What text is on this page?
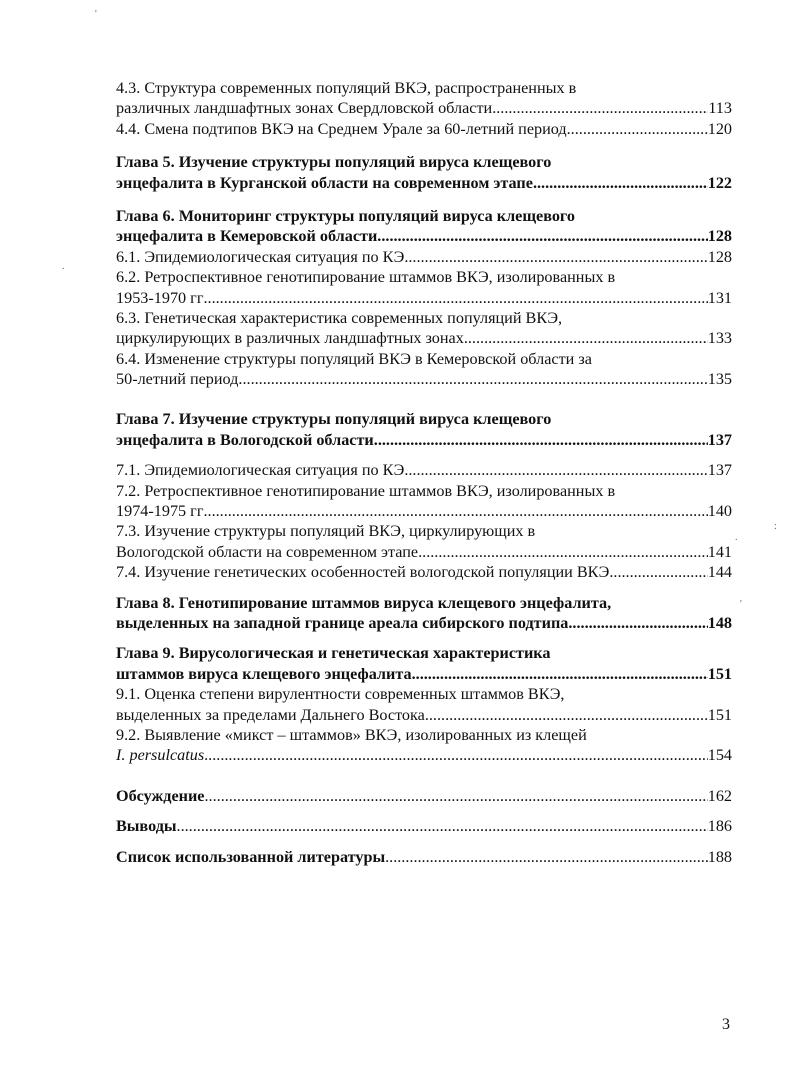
4.3. Структура современных популяций ВКЭ, распространенных в
различных ландшафтных зонах Свердловской области .....	113
4.4. Смена подтипов ВКЭ на Среднем Урале за 60-летний период .....	120
Глава 5. Изучение структуры популяций вируса клещевого
энцефалита в Курганской области на современном этапе .....	122
Глава 6. Мониторинг структуры популяций вируса клещевого
энцефалита в Кемеровской области .....	128
6.1. Эпидемиологическая ситуация по КЭ .....	128
6.2. Ретроспективное генотипирование штаммов ВКЭ, изолированных в
1953-1970 гг .....	131
6.3. Генетическая характеристика современных популяций ВКЭ,
циркулирующих в различных ландшафтных зонах .....	133
6.4. Изменение структуры популяций ВКЭ в Кемеровской области за
50-летний период .....	135
Глава 7. Изучение структуры популяций вируса клещевого
энцефалита в Вологодской области .....	137
7.1. Эпидемиологическая ситуация по КЭ .....	137
7.2. Ретроспективное генотипирование штаммов ВКЭ, изолированных в
1974-1975 гг .....	140
7.3. Изучение структуры популяций ВКЭ, циркулирующих в
Вологодской области на современном этапе .....	141
7.4. Изучение генетических особенностей вологодской популяции ВКЭ .....	144
Глава 8. Генотипирование штаммов вируса клещевого энцефалита,
выделенных на западной границе ареала сибирского подтипа .....	148
Глава 9. Вирусологическая и генетическая характеристика
штаммов вируса клещевого энцефалита .....	151
9.1. Оценка степени вирулентности современных штаммов ВКЭ,
выделенных за пределами Дальнего Востока .....	151
9.2. Выявление «микст – штаммов» ВКЭ, изолированных из клещей
I. persulcatus .....	154
Обсуждение .....	162
Выводы .....	186
Список использованной литературы .....	188
3
'
.
:
.
'
